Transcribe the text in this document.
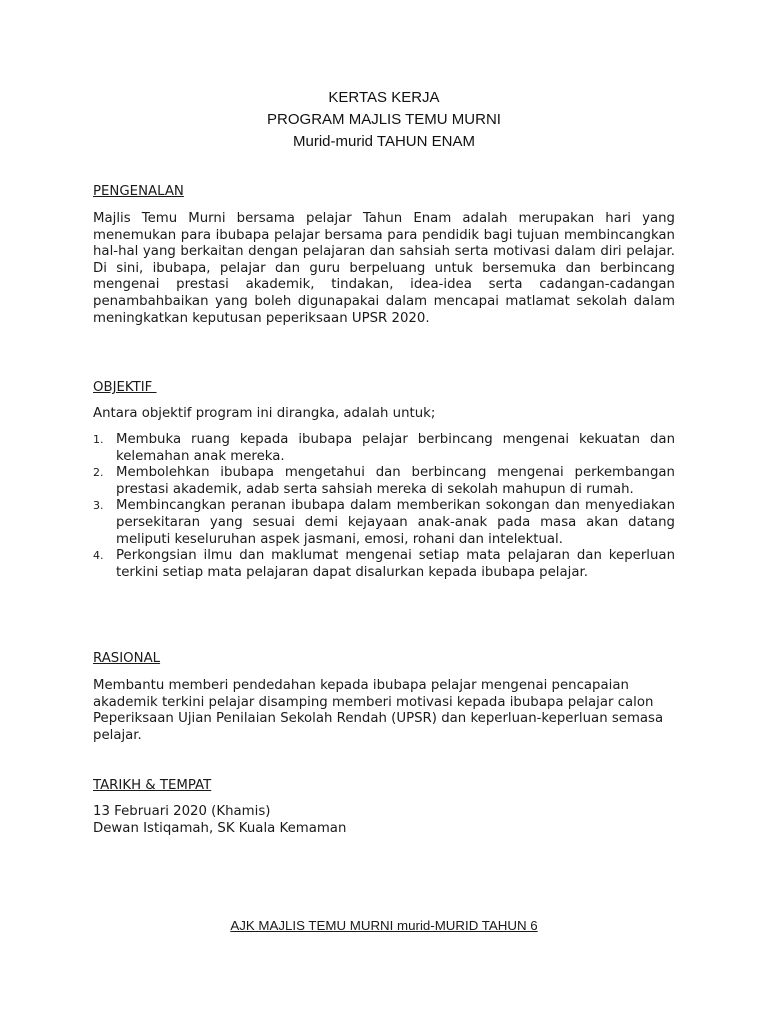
KERTAS KERJA
PROGRAM MAJLIS TEMU MURNI
Murid-murid TAHUN ENAM
PENGENALAN
Majlis Temu Murni bersama pelajar Tahun Enam adalah merupakan hari yang menemukan para ibubapa pelajar bersama para pendidik bagi tujuan membincangkan hal-hal yang berkaitan dengan pelajaran dan sahsiah serta motivasi dalam diri pelajar. Di sini, ibubapa, pelajar dan guru berpeluang untuk bersemuka dan berbincang mengenai prestasi akademik, tindakan, idea-idea serta cadangan-cadangan penambahbaikan yang boleh digunapakai dalam mencapai matlamat sekolah dalam meningkatkan keputusan peperiksaan UPSR 2020.
OBJEKTIF
Antara objektif program ini dirangka, adalah untuk;
1. Membuka ruang kepada ibubapa pelajar berbincang mengenai kekuatan dan kelemahan anak mereka.
2. Membolehkan ibubapa mengetahui dan berbincang mengenai perkembangan prestasi akademik, adab serta sahsiah mereka di sekolah mahupun di rumah.
3. Membincangkan peranan ibubapa dalam memberikan sokongan dan menyediakan persekitaran yang sesuai demi kejayaan anak-anak pada masa akan datang meliputi keseluruhan aspek jasmani, emosi, rohani dan intelektual.
4. Perkongsian ilmu dan maklumat mengenai setiap mata pelajaran dan keperluan terkini setiap mata pelajaran dapat disalurkan kepada ibubapa pelajar.
RASIONAL
Membantu memberi pendedahan kepada ibubapa pelajar mengenai pencapaian akademik terkini pelajar disamping memberi motivasi kepada ibubapa pelajar calon Peperiksaan Ujian Penilaian Sekolah Rendah (UPSR) dan keperluan-keperluan semasa pelajar.
TARIKH & TEMPAT
13 Februari 2020 (Khamis)
Dewan Istiqamah, SK Kuala Kemaman
AJK MAJLIS TEMU MURNI murid-MURID TAHUN 6
